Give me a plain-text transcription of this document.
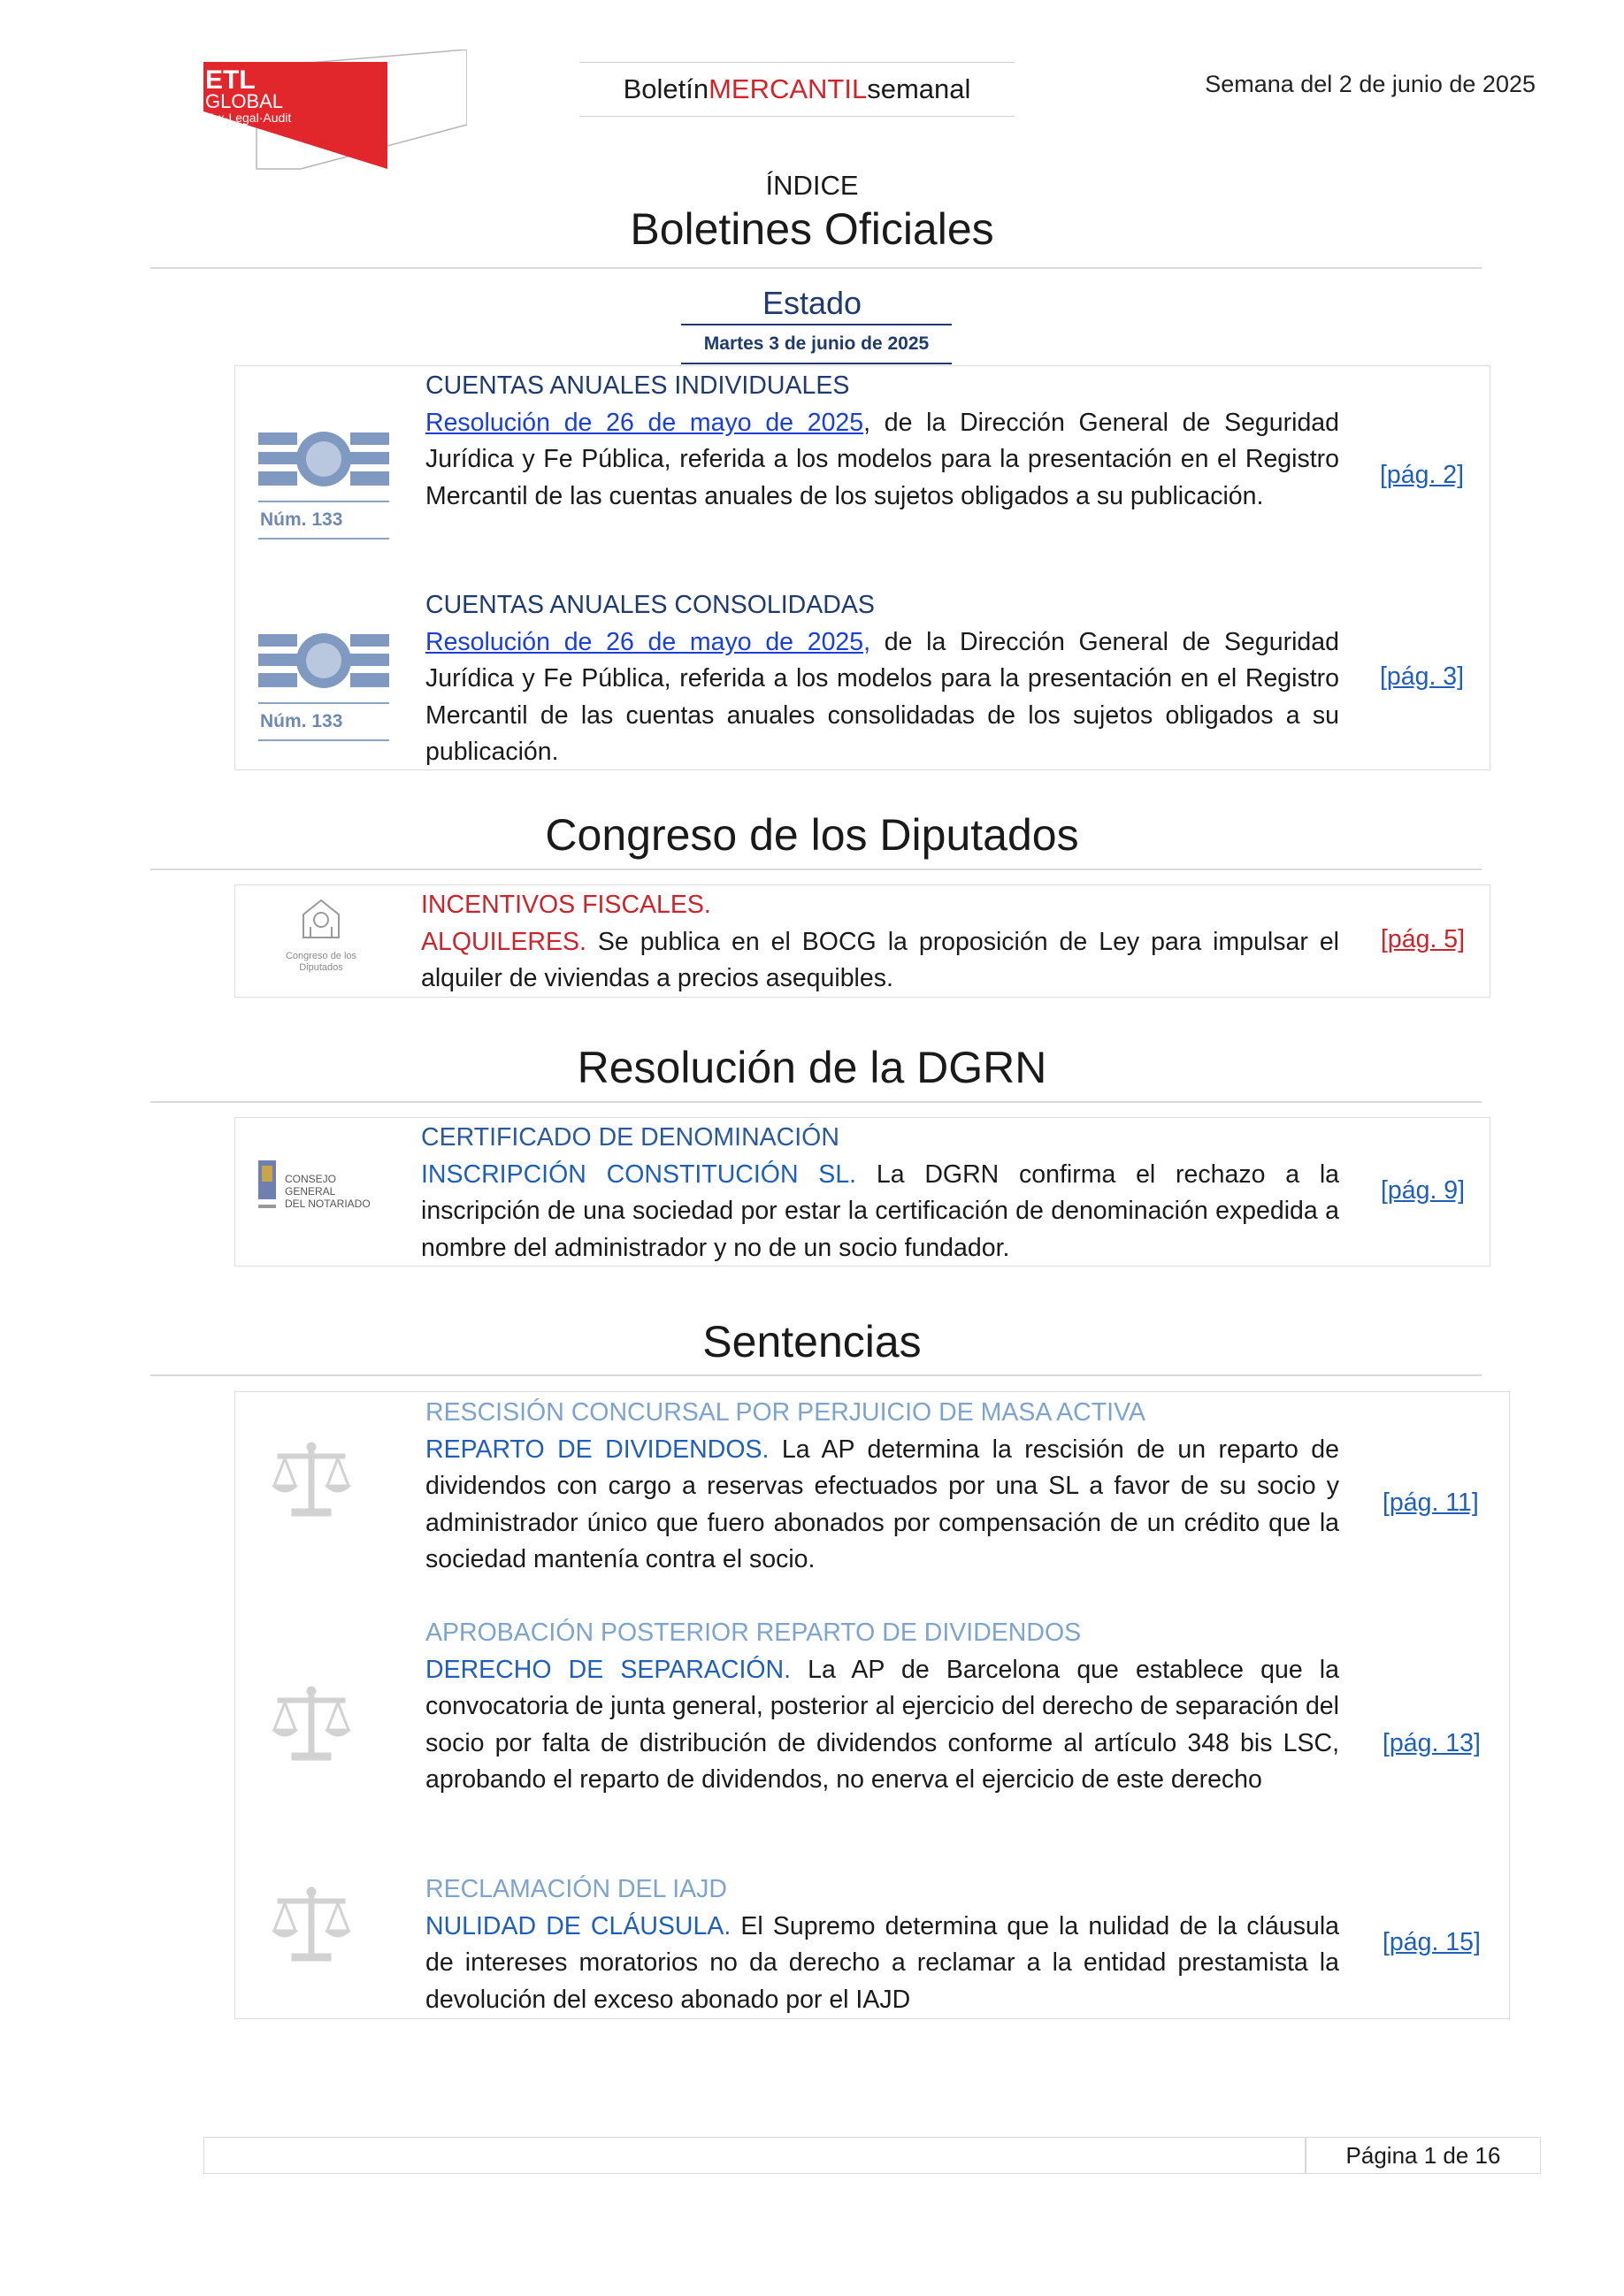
ETL
GLOBAL
Tax·Legal·Audit
Boletín MERCANTIL semanal	Semana del 2 de junio de 2025
ÍNDICE
Boletines Oficiales
Estado
Martes 3 de junio de 2025
Núm. 133
CUENTAS ANUALES INDIVIDUALES
Resolución de 26 de mayo de 2025, de la Dirección General de Seguridad Jurídica y Fe Pública, referida a los modelos para la presentación en el Registro Mercantil de las cuentas anuales de los sujetos obligados a su publicación.
[pág. 2]
Núm. 133
CUENTAS ANUALES CONSOLIDADAS
Resolución de 26 de mayo de 2025, de la Dirección General de Seguridad Jurídica y Fe Pública, referida a los modelos para la presentación en el Registro Mercantil de las cuentas anuales consolidadas de los sujetos obligados a su publicación.
[pág. 3]
Congreso de los Diputados
Congreso de los Diputados
INCENTIVOS FISCALES.
ALQUILERES. Se publica en el BOCG la proposición de Ley para impulsar el alquiler de viviendas a precios asequibles.
[pág. 5]
Resolución de la DGRN
CONSEJO GENERAL
DEL NOTARIADO
CERTIFICADO DE DENOMINACIÓN
INSCRIPCIÓN CONSTITUCIÓN SL. La DGRN confirma el rechazo a la inscripción de una sociedad por estar la certificación de denominación expedida a nombre del administrador y no de un socio fundador.
[pág. 9]
Sentencias
RESCISIÓN CONCURSAL POR PERJUICIO DE MASA ACTIVA
REPARTO DE DIVIDENDOS. La AP determina la rescisión de un reparto de dividendos con cargo a reservas efectuados por una SL a favor de su socio y administrador único que fuero abonados por compensación de un crédito que la sociedad mantenía contra el socio.
[pág. 11]
APROBACIÓN POSTERIOR REPARTO DE DIVIDENDOS
DERECHO DE SEPARACIÓN. La AP de Barcelona que establece que la convocatoria de junta general, posterior al ejercicio del derecho de separación del socio por falta de distribución de dividendos conforme al artículo 348 bis LSC, aprobando el reparto de dividendos, no enerva el ejercicio de este derecho
[pág. 13]
RECLAMACIÓN DEL IAJD
NULIDAD DE CLÁUSULA. El Supremo determina que la nulidad de la cláusula de intereses moratorios no da derecho a reclamar a la entidad prestamista la devolución del exceso abonado por el IAJD
[pág. 15]
Página 1 de 16
